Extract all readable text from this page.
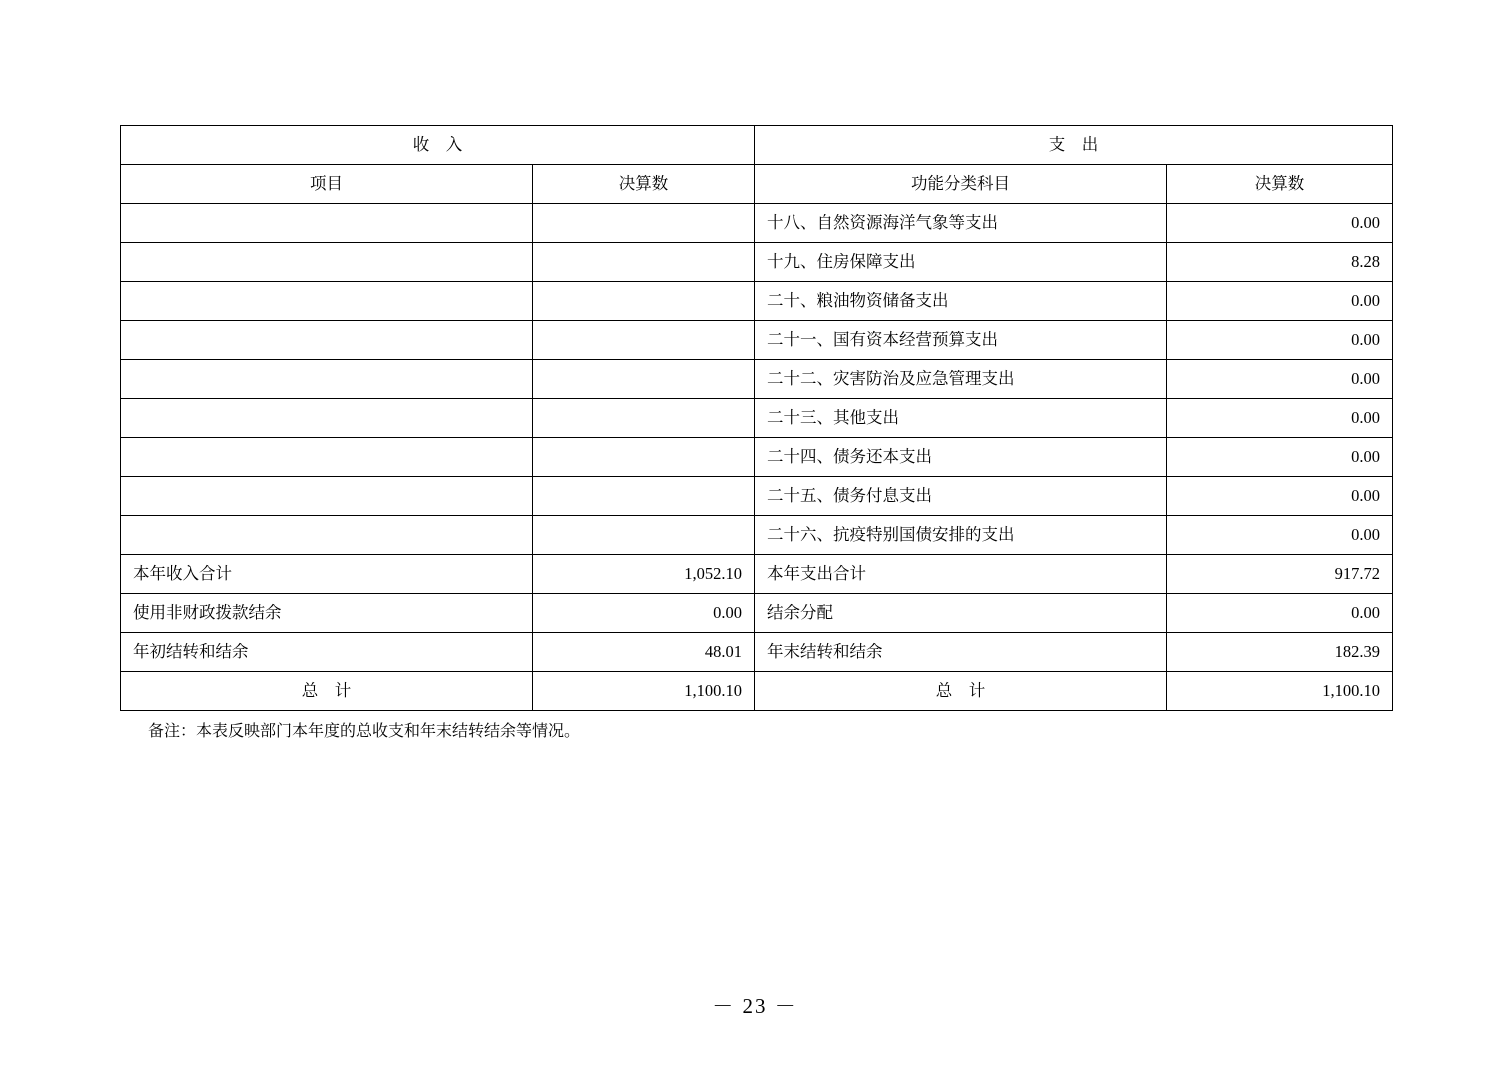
收　入		支　出	
项目	决算数	功能分类科目	决算数
		十八、自然资源海洋气象等支出	0.00
		十九、住房保障支出	8.28
		二十、粮油物资储备支出	0.00
		二十一、国有资本经营预算支出	0.00
		二十二、灾害防治及应急管理支出	0.00
		二十三、其他支出	0.00
		二十四、债务还本支出	0.00
		二十五、债务付息支出	0.00
		二十六、抗疫特别国债安排的支出	0.00
本年收入合计	1,052.10	本年支出合计	917.72
使用非财政拨款结余	0.00	结余分配	0.00
年初结转和结余	48.01	年末结转和结余	182.39
总　计	1,100.10	总　计	1,100.10
备注：本表反映部门本年度的总收支和年末结转结余等情况。
－ 23 －
